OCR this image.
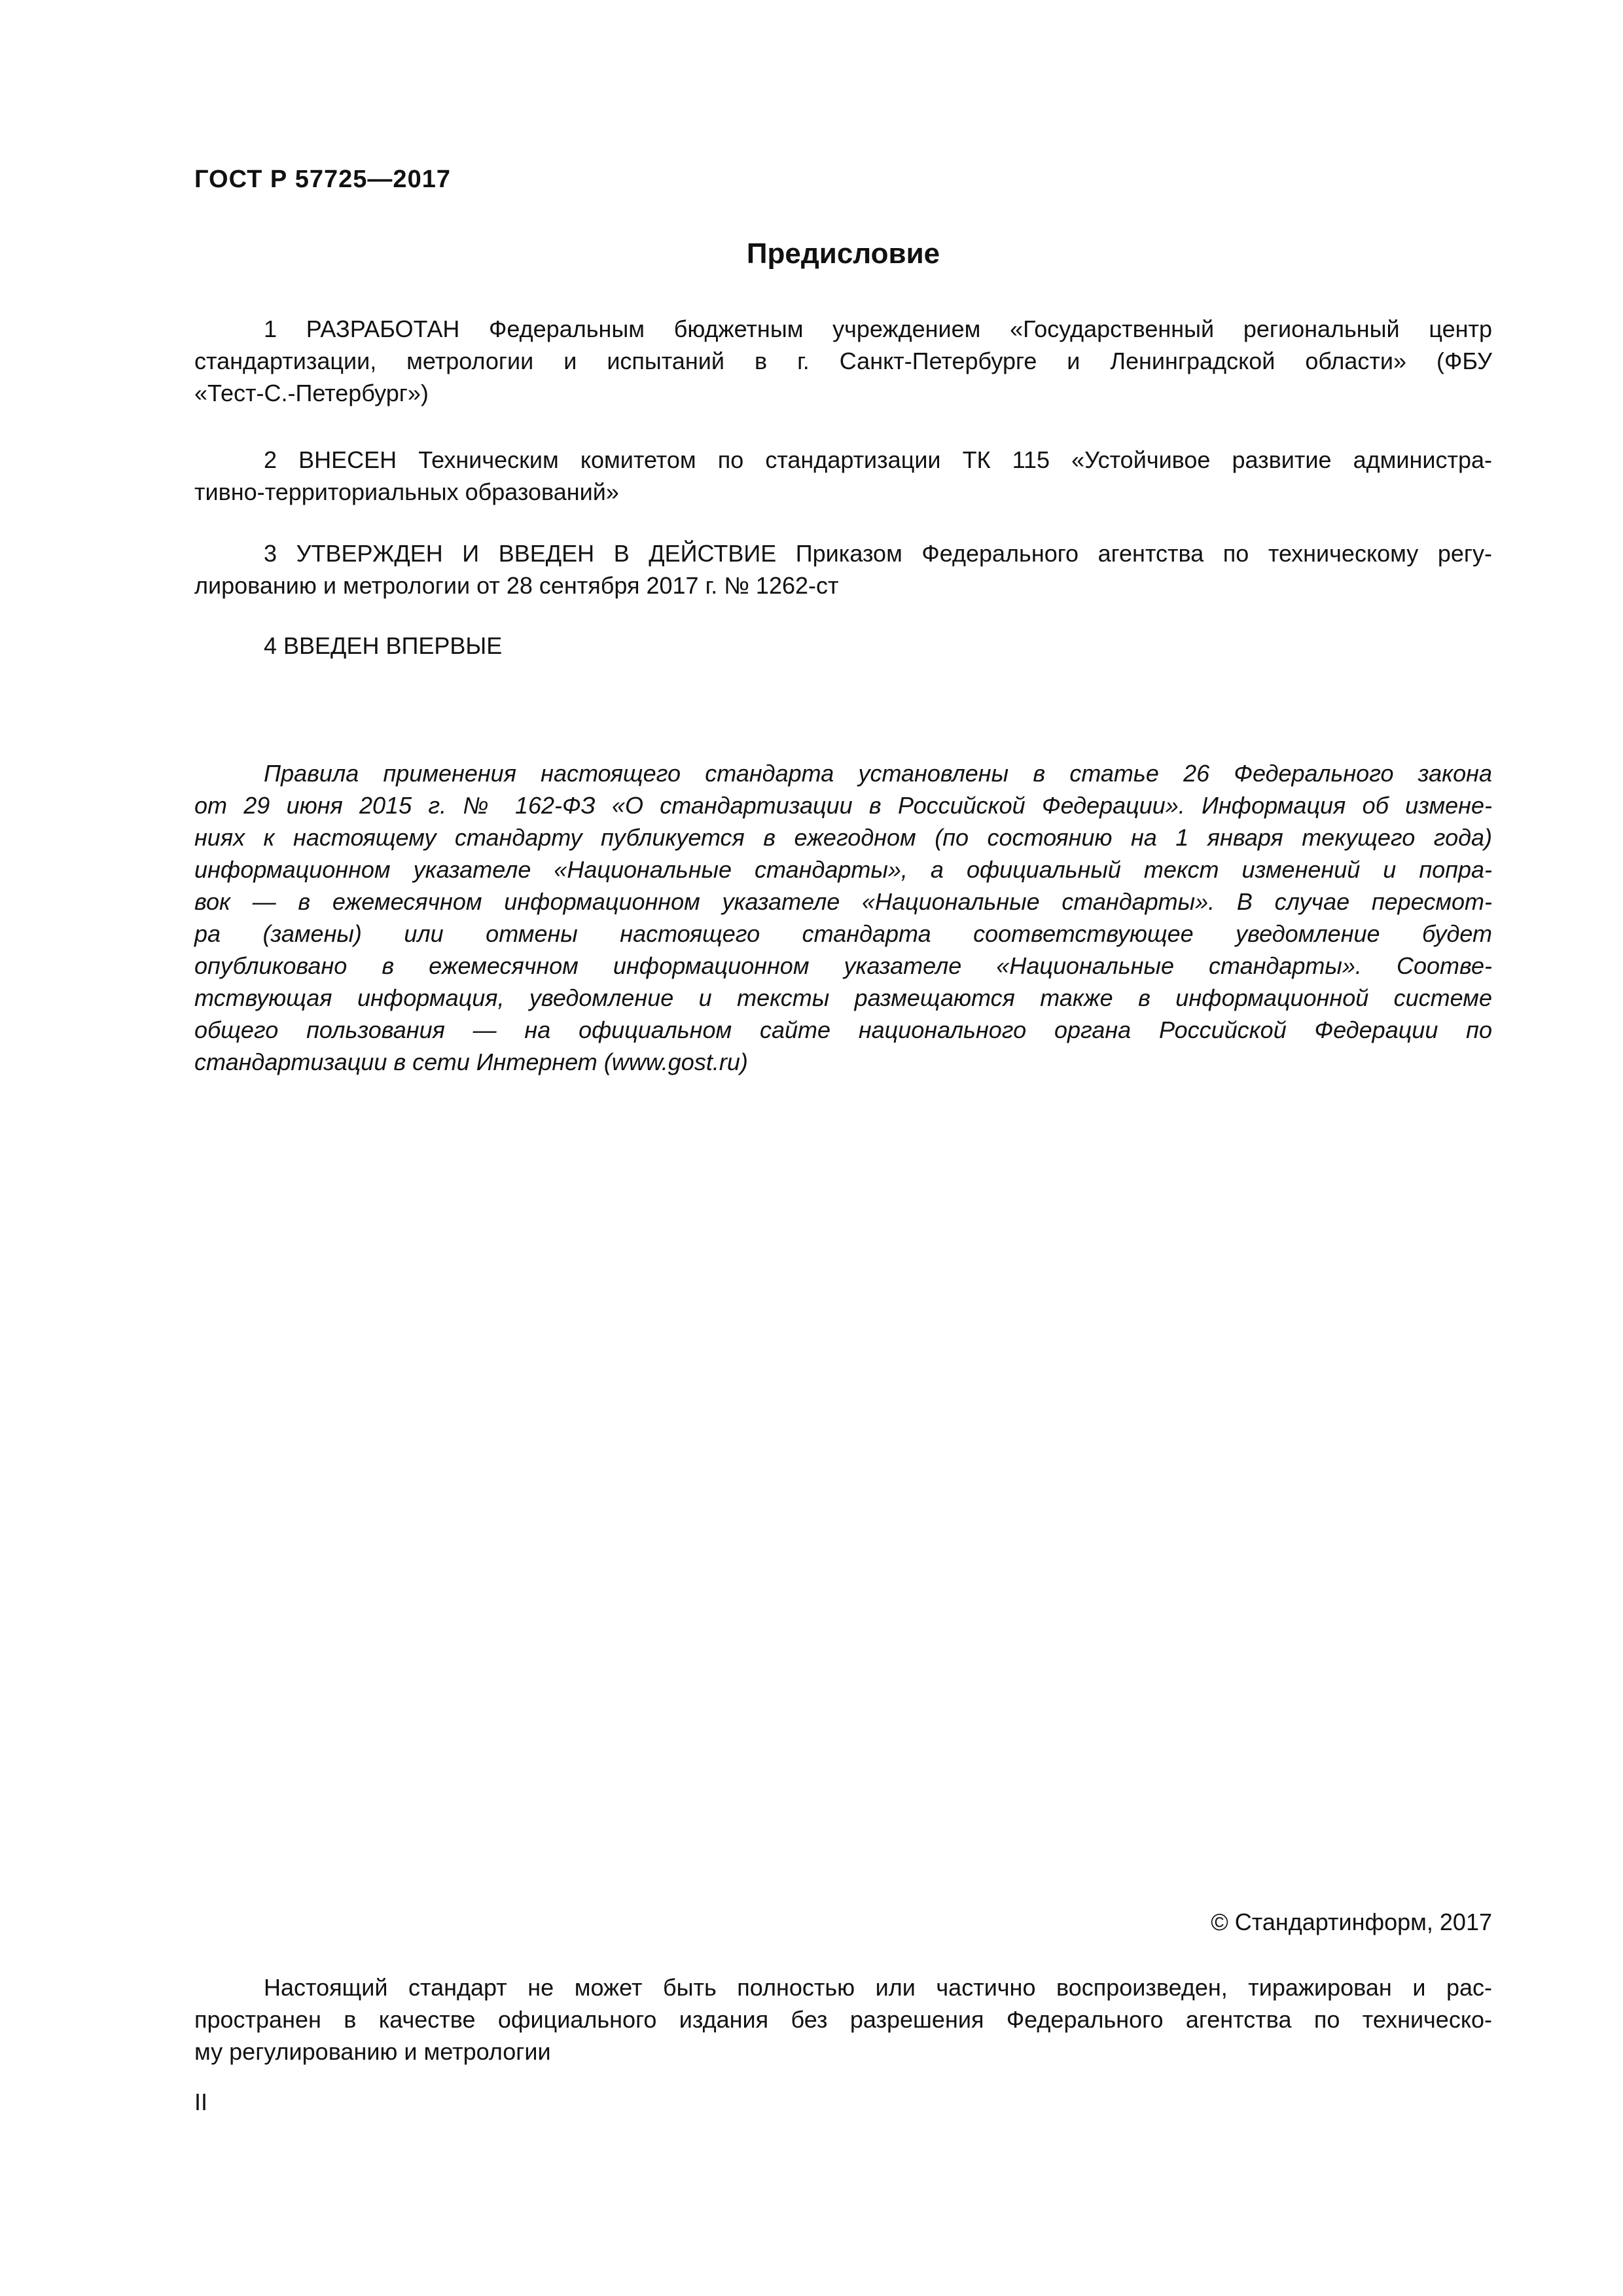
ГОСТ Р 57725—2017
Предисловие
1 РАЗРАБОТАН Федеральным бюджетным учреждением «Государственный региональный центр
стандартизации, метрологии и испытаний в г. Санкт-Петербурге и Ленинградской области» (ФБУ
«Тест-С.-Петербург»)
2 ВНЕСЕН Техническим комитетом по стандартизации ТК 115 «Устойчивое развитие администра-
тивно-территориальных образований»
3 УТВЕРЖДЕН И ВВЕДЕН В ДЕЙСТВИЕ Приказом Федерального агентства по техническому регу-
лированию и метрологии от 28 сентября 2017 г. № 1262-ст
4 ВВЕДЕН ВПЕРВЫЕ
Правила применения настоящего стандарта установлены в статье 26 Федерального закона
от 29 июня 2015 г. № 162-ФЗ «О стандартизации в Российской Федерации». Информация об измене-
ниях к настоящему стандарту публикуется в ежегодном (по состоянию на 1 января текущего года)
информационном указателе «Национальные стандарты», а официальный текст изменений и попра-
вок — в ежемесячном информационном указателе «Национальные стандарты». В случае пересмот-
ра (замены) или отмены настоящего стандарта соответствующее уведомление будет
опубликовано в ежемесячном информационном указателе «Национальные стандарты». Соотве-
тствующая информация, уведомление и тексты размещаются также в информационной системе
общего пользования — на официальном сайте национального органа Российской Федерации по
стандартизации в сети Интернет (www.gost.ru)
© Стандартинформ, 2017
Настоящий стандарт не может быть полностью или частично воспроизведен, тиражирован и рас-
пространен в качестве официального издания без разрешения Федерального агентства по техническо-
му регулированию и метрологии
II
